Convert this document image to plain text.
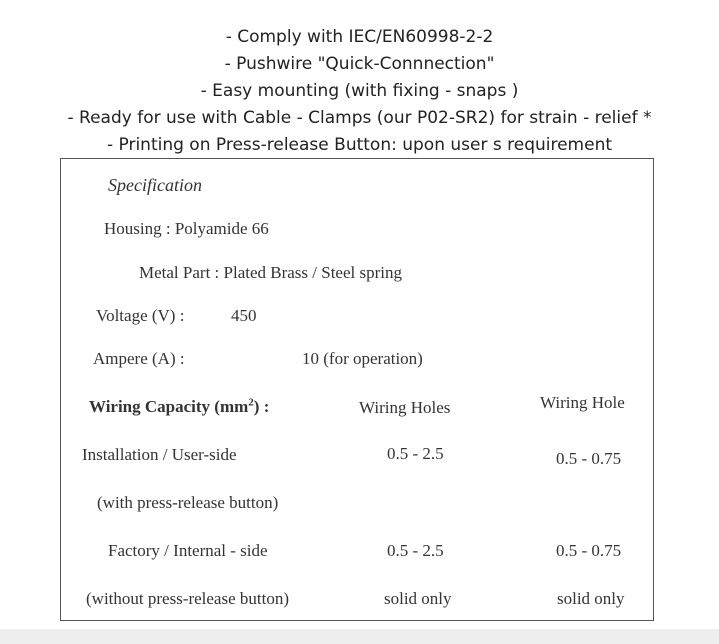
- Comply with IEC/EN60998-2-2
- Pushwire "Quick-Connnection"
- Easy mounting (with fixing - snaps )
- Ready for use with Cable - Clamps (our P02-SR2) for strain - relief *
- Printing on Press-release Button: upon user s requirement
Specification
Housing : Polyamide 66
Metal Part : Plated Brass / Steel spring
Voltage (V) :	450
Ampere (A) :	10 (for operation)
Wiring Capacity $(mm^2)$ :	Wiring Holes	Wiring Hole
Installation / User-side	0.5 - 2.5	0.5 - 0.75
(with press-release button)
Factory / Internal - side	0.5 - 2.5	0.5 - 0.75
(without press-release button)	solid only	solid only
